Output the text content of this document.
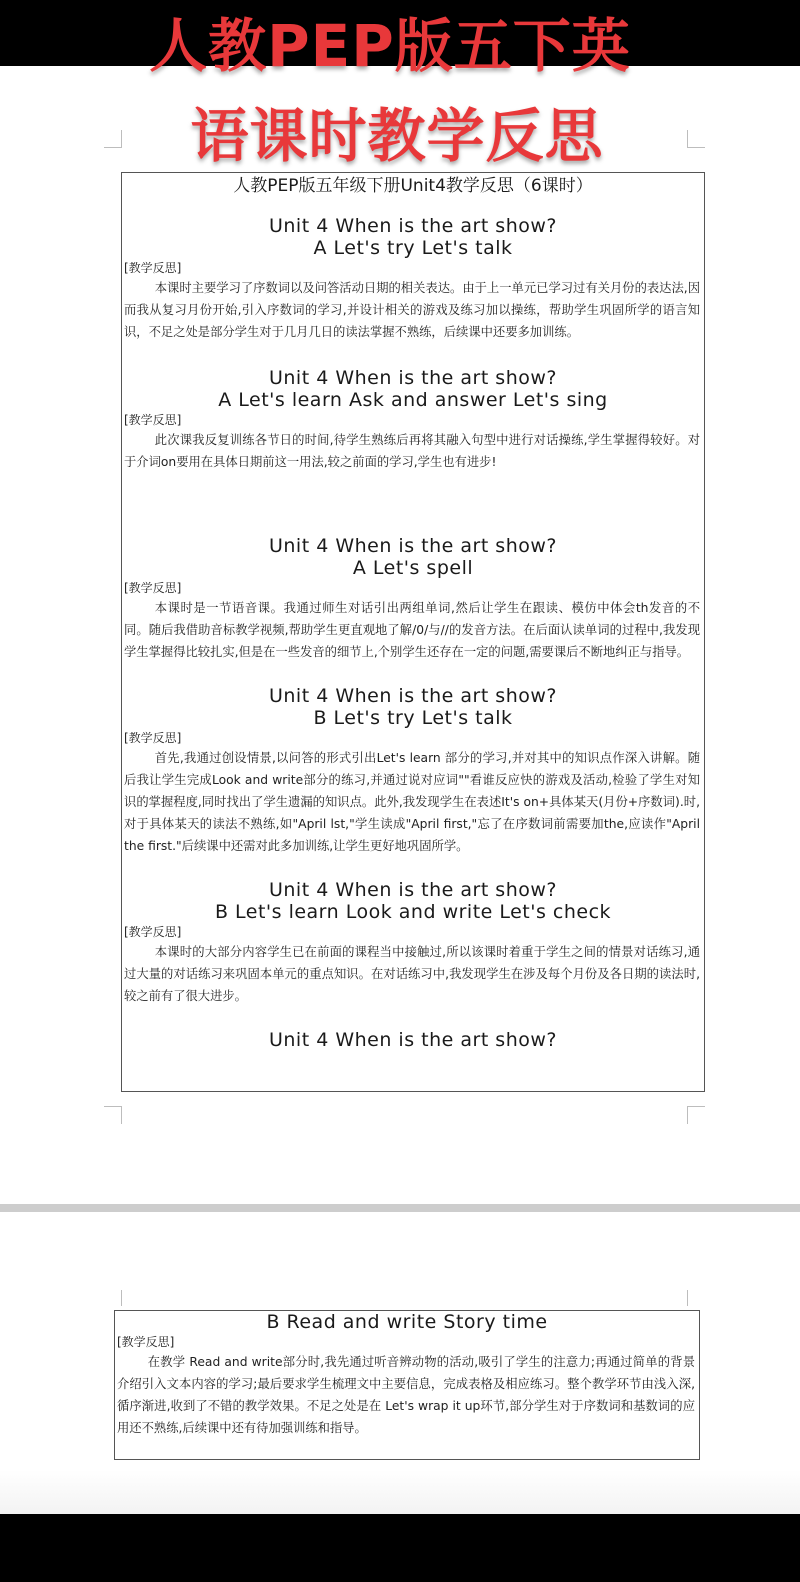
人教PEP版五下英
语课时教学反思
人教PEP版五年级下册Unit4教学反思（6课时）
Unit 4 When is the art show?
A Let's try Let's talk
[教学反思]
本课时主要学习了序数词以及问答活动日期的相关表达。由于上一单元已学习过有关月份的表达法,因而我从复习月份开始,引入序数词的学习,并设计相关的游戏及练习加以操练，帮助学生巩固所学的语言知识，不足之处是部分学生对于几月几日的读法掌握不熟练，后续课中还要多加训练。
Unit 4 When is the art show?
A Let's learn Ask and answer Let's sing
[教学反思]
此次课我反复训练各节日的时间,待学生熟练后再将其融入句型中进行对话操练,学生掌握得较好。对于介词on要用在具体日期前这一用法,较之前面的学习,学生也有进步!
Unit 4 When is the art show?
A Let's spell
[教学反思]
本课时是一节语音课。我通过师生对话引出两组单词,然后让学生在跟读、模仿中体会th发音的不同。随后我借助音标教学视频,帮助学生更直观地了解/0/与//的发音方法。在后面认读单词的过程中,我发现学生掌握得比较扎实,但是在一些发音的细节上,个别学生还存在一定的问题,需要课后不断地纠正与指导。
Unit 4 When is the art show?
B Let's try Let's talk
[教学反思]
首先,我通过创设情景,以问答的形式引出Let's learn 部分的学习,并对其中的知识点作深入讲解。随后我让学生完成Look and write部分的练习,并通过说对应词""看谁反应快的游戏及活动,检验了学生对知识的掌握程度,同时找出了学生遗漏的知识点。此外,我发现学生在表述It's on+具体某天(月份+序数词).时,对于具体某天的读法不熟练,如"April lst,"学生读成"April first,"忘了在序数词前需要加the,应读作"April the first."后续课中还需对此多加训练,让学生更好地巩固所学。
Unit 4 When is the art show?
B Let's learn Look and write Let's check
[教学反思]
本课时的大部分内容学生已在前面的课程当中接触过,所以该课时着重于学生之间的情景对话练习,通过大量的对话练习来巩固本单元的重点知识。在对话练习中,我发现学生在涉及每个月份及各日期的读法时,较之前有了很大进步。
Unit 4 When is the art show?
B Read and write Story time
[教学反思]
在教学 Read and write部分时,我先通过听音辨动物的活动,吸引了学生的注意力;再通过简单的背景介绍引入文本内容的学习;最后要求学生梳理文中主要信息，完成表格及相应练习。整个教学环节由浅入深,循序渐进,收到了不错的教学效果。不足之处是在 Let's wrap it up环节,部分学生对于序数词和基数词的应用还不熟练,后续课中还有待加强训练和指导。
